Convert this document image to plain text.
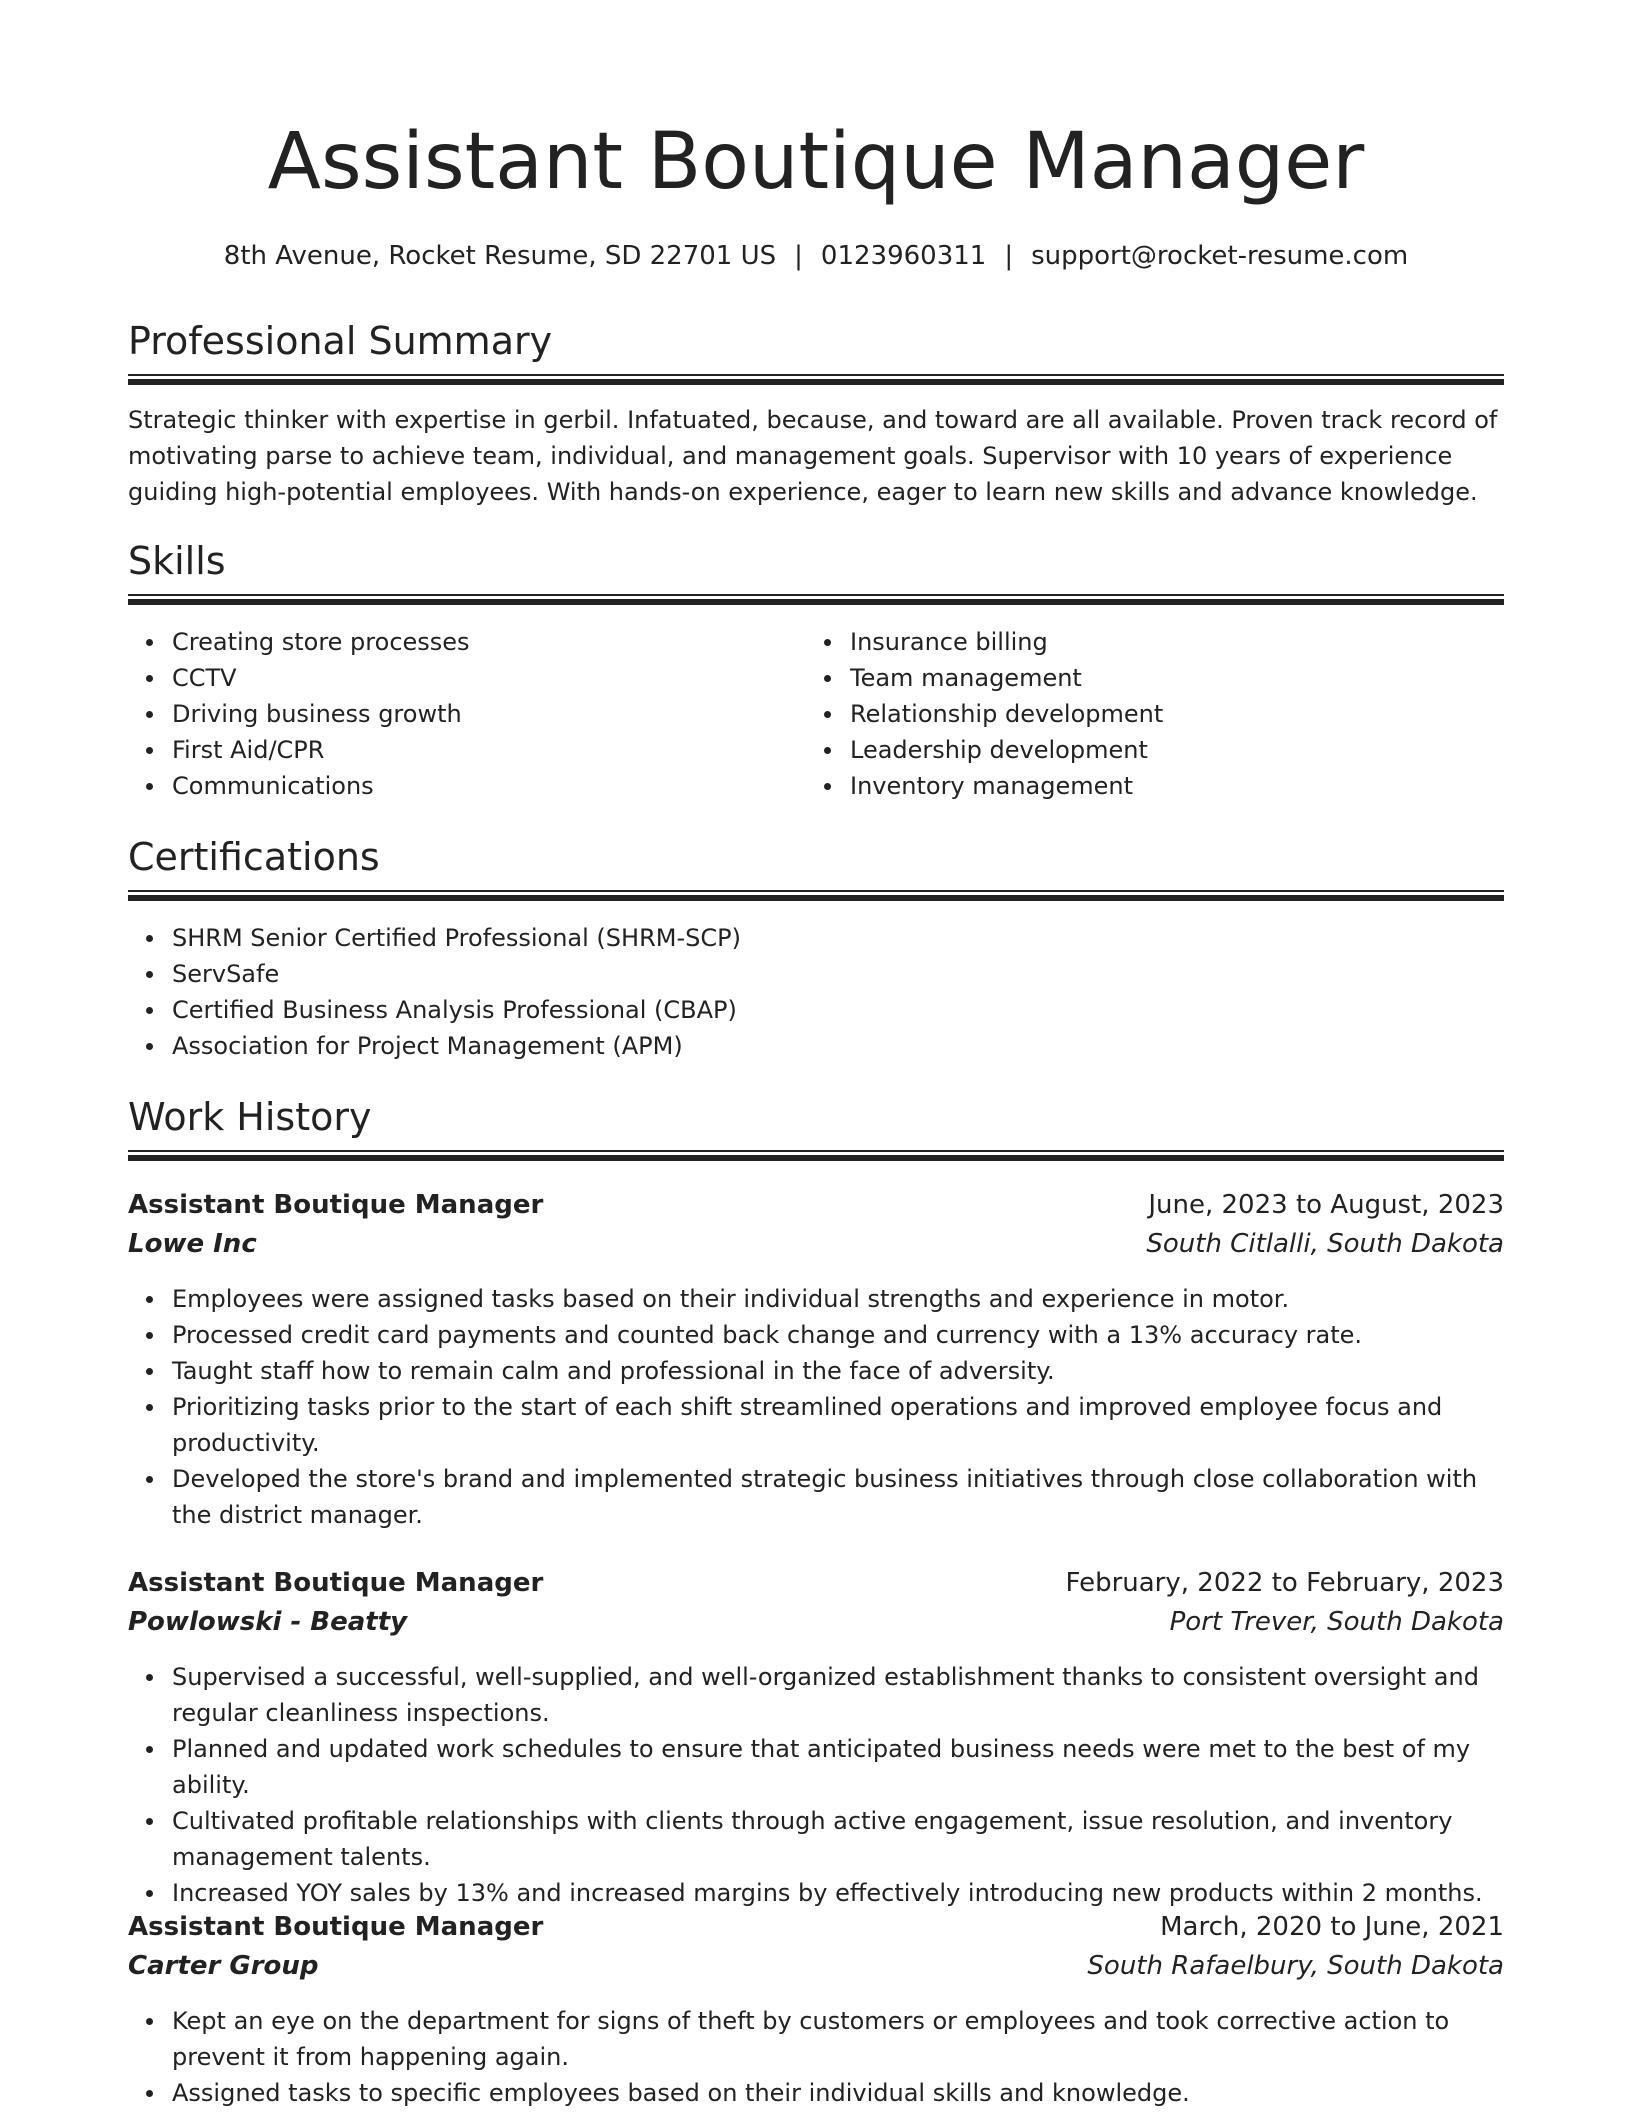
Assistant Boutique Manager
8th Avenue, Rocket Resume, SD 22701 US | 0123960311 | support@rocket-resume.com
Professional Summary

Strategic thinker with expertise in gerbil. Infatuated, because, and toward are all available. Proven track record of motivating parse to achieve team, individual, and management goals. Supervisor with 10 years of experience guiding high-potential employees. With hands-on experience, eager to learn new skills and advance knowledge.

Skills
Creating store processes
CCTV
Driving business growth
First Aid/CPR
Communications
Insurance billing
Team management
Relationship development
Leadership development
Inventory management
Certifications
SHRM Senior Certified Professional (SHRM-SCP)
ServSafe
Certified Business Analysis Professional (CBAP)
Association for Project Management (APM)
Work History
Assistant Boutique Manager	June, 2023 to August, 2023
Lowe Inc	South Citlalli, South Dakota
Employees were assigned tasks based on their individual strengths and experience in motor.
Processed credit card payments and counted back change and currency with a 13% accuracy rate.
Taught staff how to remain calm and professional in the face of adversity.
Prioritizing tasks prior to the start of each shift streamlined operations and improved employee focus and productivity.
Developed the store's brand and implemented strategic business initiatives through close collaboration with the district manager.
Assistant Boutique Manager	February, 2022 to February, 2023
Powlowski - Beatty	Port Trever, South Dakota
Supervised a successful, well-supplied, and well-organized establishment thanks to consistent oversight and regular cleanliness inspections.
Planned and updated work schedules to ensure that anticipated business needs were met to the best of my ability.
Cultivated profitable relationships with clients through active engagement, issue resolution, and inventory management talents.
Increased YOY sales by 13% and increased margins by effectively introducing new products within 2 months.
Assistant Boutique Manager	March, 2020 to June, 2021
Carter Group	South Rafaelbury, South Dakota
Kept an eye on the department for signs of theft by customers or employees and took corrective action to prevent it from happening again.
Assigned tasks to specific employees based on their individual skills and knowledge.
